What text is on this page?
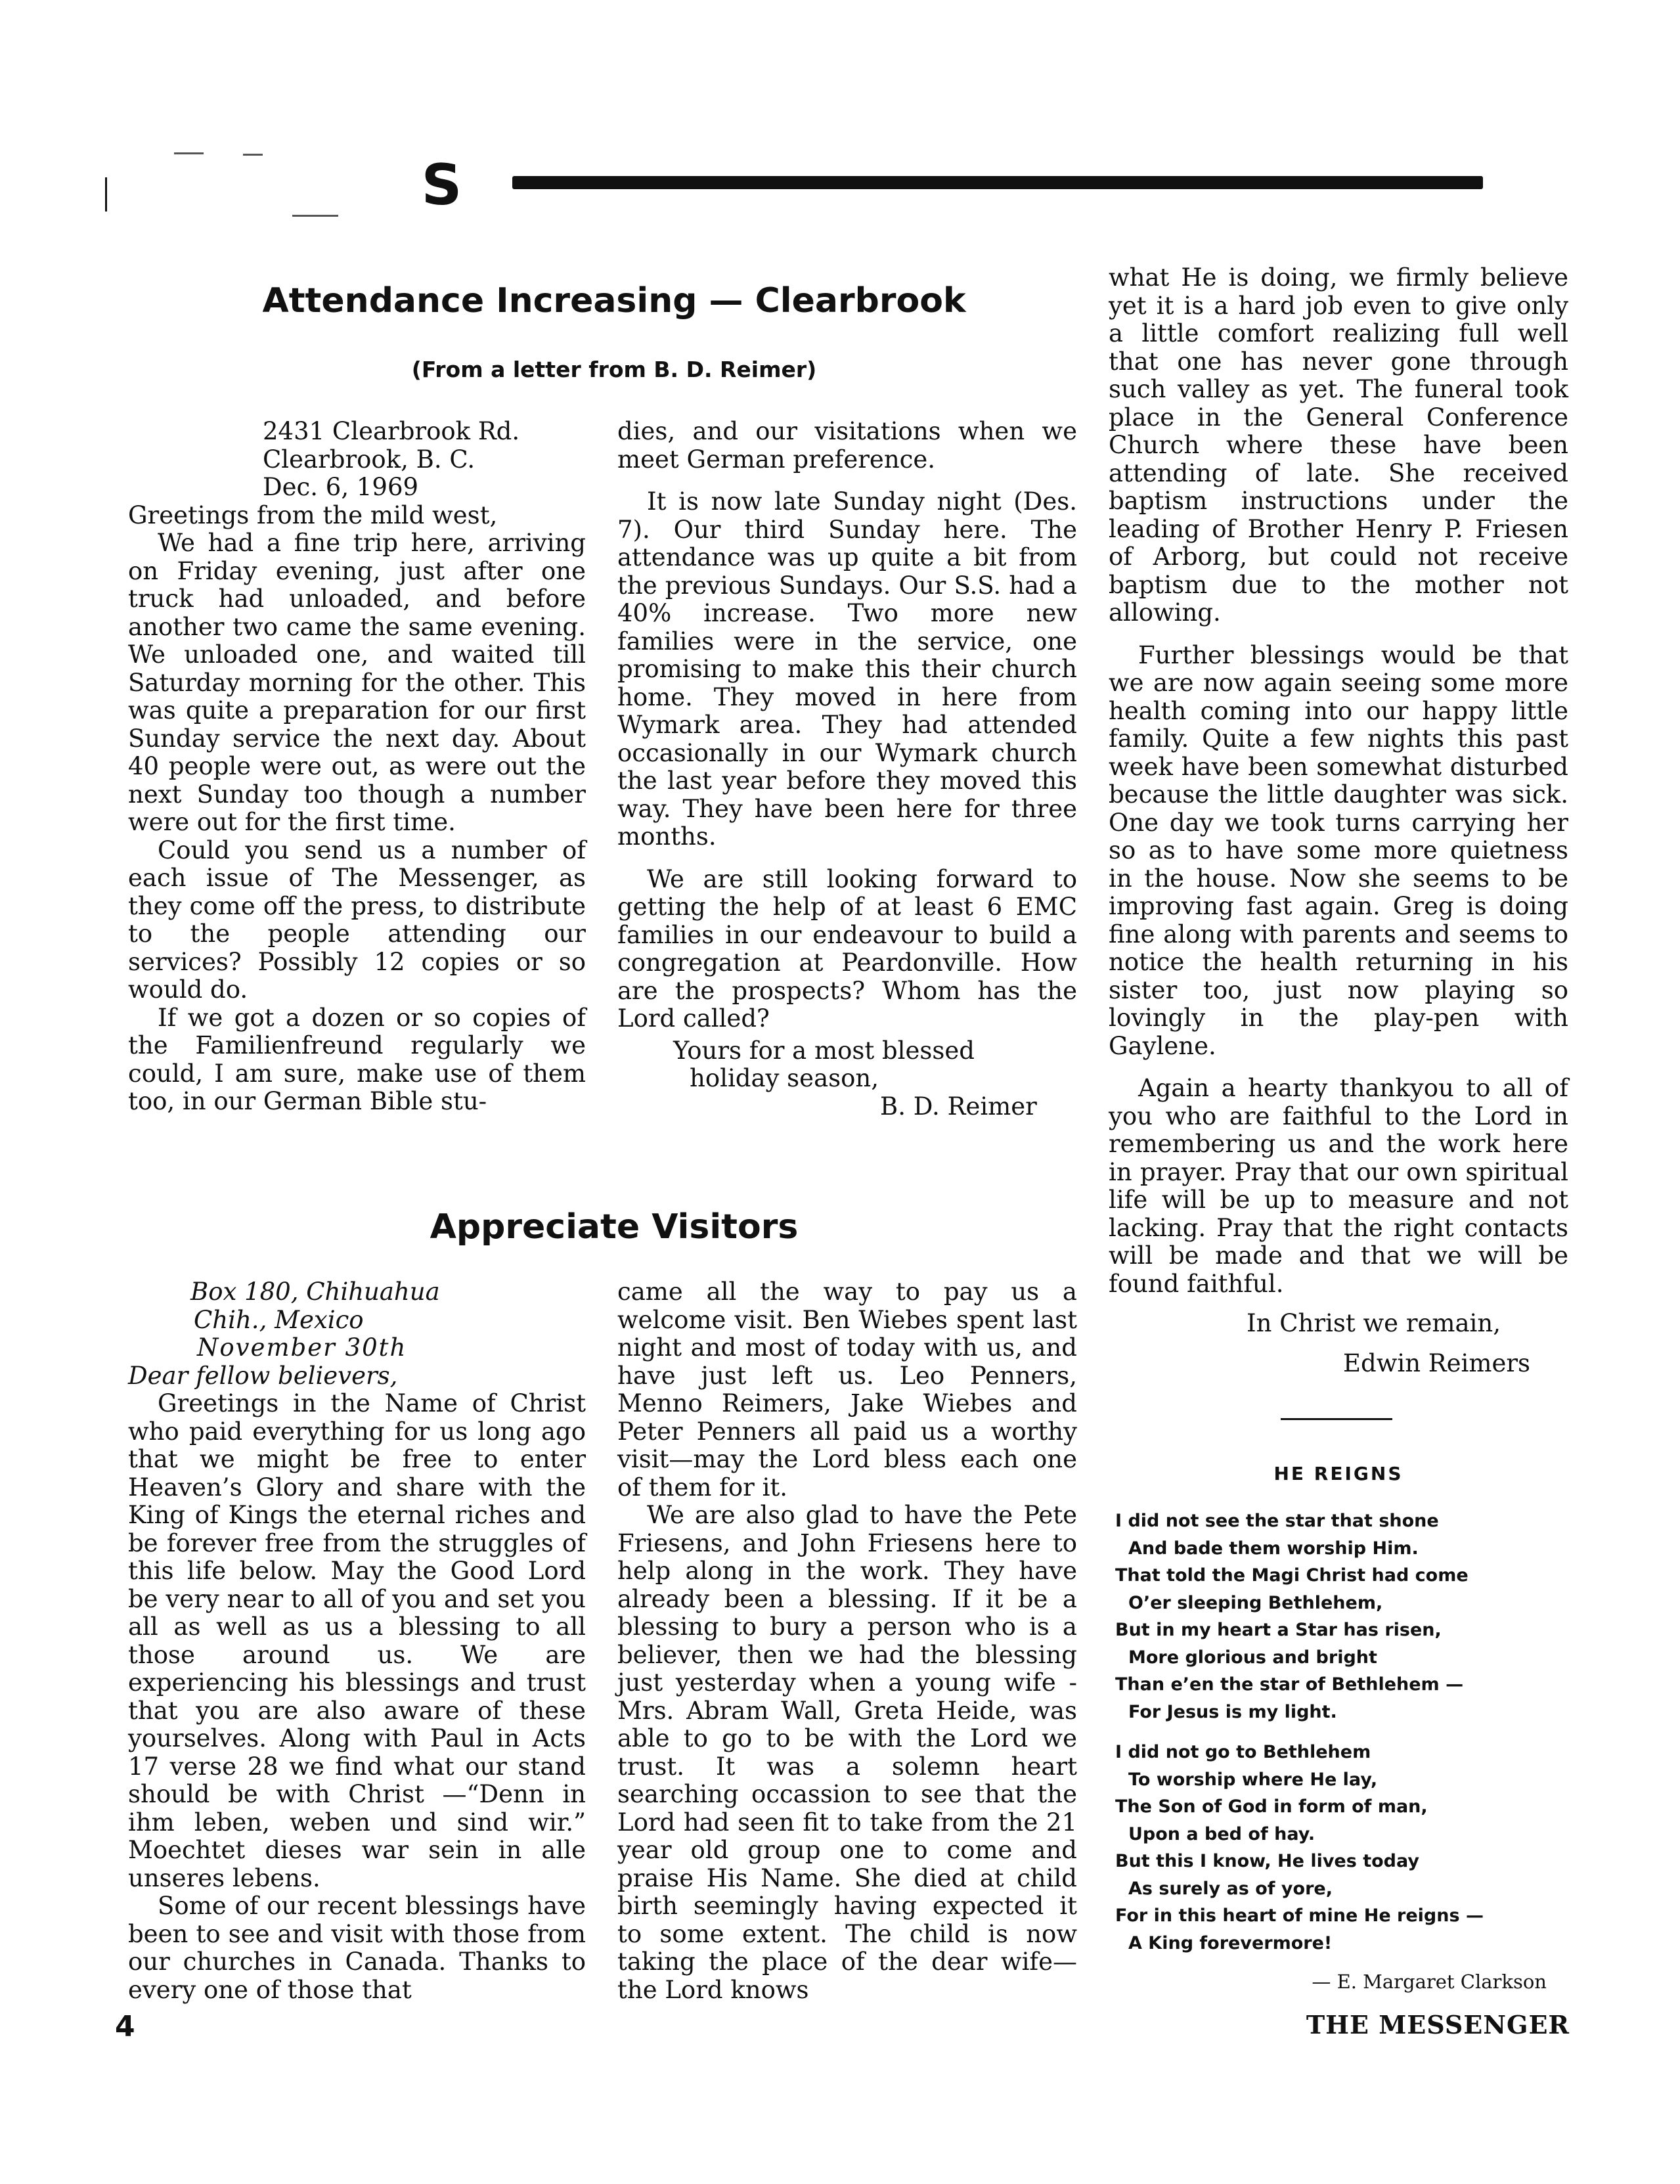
S
Attendance Increasing — Clearbrook
(From a letter from B. D. Reimer)
2431 Clearbrook Rd.
Clearbrook, B. C.
Dec. 6, 1969

Greetings from the mild west,

We had a fine trip here, arriving on Friday evening, just after one truck had unloaded, and before another two came the same evening. We unloaded one, and waited till Saturday morning for the other. This was quite a preparation for our first Sunday service the next day. About 40 people were out, as were out the next Sunday too though a number were out for the first time.

Could you send us a number of each issue of The Messenger, as they come off the press, to distribute to the people attending our services? Possibly 12 copies or so would do.

If we got a dozen or so copies of the Familienfreund regularly we could, I am sure, make use of them too, in our German Bible stu-

dies, and our visitations when we meet German preference.

It is now late Sunday night (Des. 7). Our third Sunday here. The attendance was up quite a bit from the previous Sundays. Our S.S. had a 40% increase. Two more new families were in the service, one promising to make this their church home. They moved in here from Wymark area. They had attended occasionally in our Wymark church the last year before they moved this way. They have been here for three months.

We are still looking forward to getting the help of at least 6 EMC families in our endeavour to build a congregation at Peardonville. How are the prospects? Whom has the Lord called?

Yours for a most blessed
holiday season,
B. D. Reimer
Appreciate Visitors
Box 180, Chihuahua
Chih., Mexico
November 30th

Dear fellow believers,

Greetings in the Name of Christ who paid everything for us long ago that we might be free to enter Heaven’s Glory and share with the King of Kings the eternal riches and be forever free from the struggles of this life below. May the Good Lord be very near to all of you and set you all as well as us a blessing to all those around us. We are experiencing his blessings and trust that you are also aware of these yourselves. Along with Paul in Acts 17 verse 28 we find what our stand should be with Christ —“Denn in ihm leben, weben und sind wir.” Moechtet dieses war sein in alle unseres lebens.

Some of our recent blessings have been to see and visit with those from our churches in Canada. Thanks to every one of those that

came all the way to pay us a welcome visit. Ben Wiebes spent last night and most of today with us, and have just left us. Leo Penners, Menno Reimers, Jake Wiebes and Peter Penners all paid us a worthy visit—may the Lord bless each one of them for it.

We are also glad to have the Pete Friesens, and John Friesens here to help along in the work. They have already been a blessing. If it be a blessing to bury a person who is a believer, then we had the blessing just yesterday when a young wife - Mrs. Abram Wall, Greta Heide, was able to go to be with the Lord we trust. It was a solemn heart searching occassion to see that the Lord had seen fit to take from the 21 year old group one to come and praise His Name. She died at child birth seemingly having expected it to some extent. The child is now taking the place of the dear wife—the Lord knows

what He is doing, we firmly believe yet it is a hard job even to give only a little comfort realizing full well that one has never gone through such valley as yet. The funeral took place in the General Conference Church where these have been attending of late. She received baptism instructions under the leading of Brother Henry P. Friesen of Arborg, but could not receive baptism due to the mother not allowing.

Further blessings would be that we are now again seeing some more health coming into our happy little family. Quite a few nights this past week have been somewhat disturbed because the little daughter was sick. One day we took turns carrying her so as to have some more quietness in the house. Now she seems to be improving fast again. Greg is doing fine along with parents and seems to notice the health returning in his sister too, just now playing so lovingly in the play-pen with Gaylene.

Again a hearty thankyou to all of you who are faithful to the Lord in remembering us and the work here in prayer. Pray that our own spiritual life will be up to measure and not lacking. Pray that the right contacts will be made and that we will be found faithful.

In Christ we remain,
Edwin Reimers
HE REIGNS
I did not see the star that shone
And bade them worship Him.
That told the Magi Christ had come
O’er sleeping Bethlehem,
But in my heart a Star has risen,
More glorious and bright
Than e’en the star of Bethlehem —
For Jesus is my light.
I did not go to Bethlehem
To worship where He lay,
The Son of God in form of man,
Upon a bed of hay.
But this I know, He lives today
As surely as of yore,
For in this heart of mine He reigns —
A King forevermore!
— E. Margaret Clarkson
4	THE MESSENGER
